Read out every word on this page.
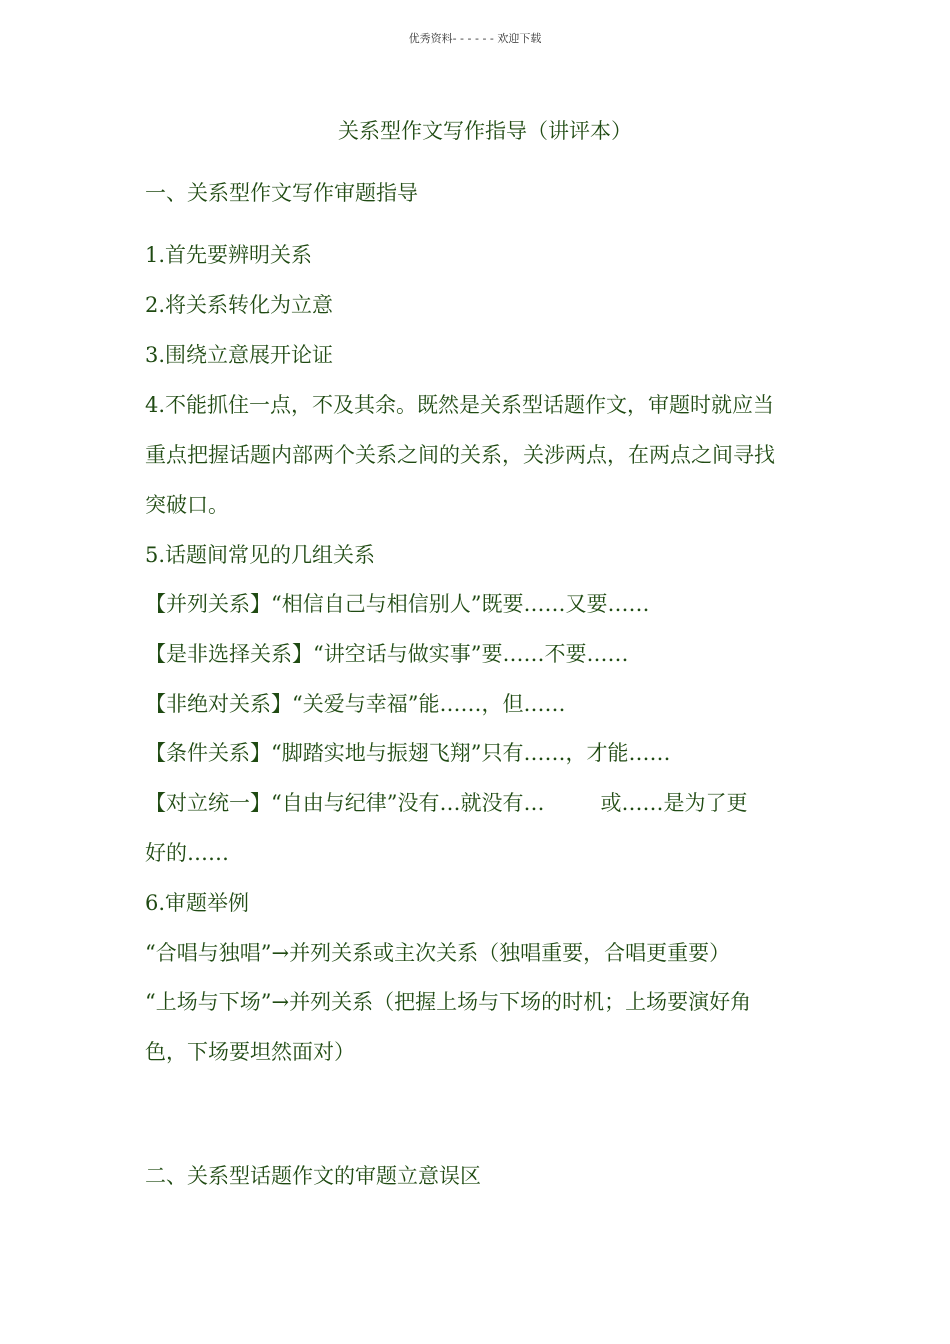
优秀资料- - - - - - 欢迎下载
关系型作文写作指导（讲评本）
一、关系型作文写作审题指导
1.首先要辨明关系
2.将关系转化为立意
3.围绕立意展开论证
4.不能抓住一点，不及其余。既然是关系型话题作文，审题时就应当
重点把握话题内部两个关系之间的关系，关涉两点，在两点之间寻找
突破口。
5.话题间常见的几组关系
【并列关系】“相信自己与相信别人”既要……又要……
【是非选择关系】“讲空话与做实事”要……不要……
【非绝对关系】“关爱与幸福”能……，但……
【条件关系】“脚踏实地与振翅飞翔”只有……，才能……
【对立统一】“自由与纪律”没有…就没有…	或……是为了更
好的……
6.审题举例
“合唱与独唱”→并列关系或主次关系（独唱重要，合唱更重要）
“上场与下场”→并列关系（把握上场与下场的时机；上场要演好角
色，下场要坦然面对）
二、关系型话题作文的审题立意误区
